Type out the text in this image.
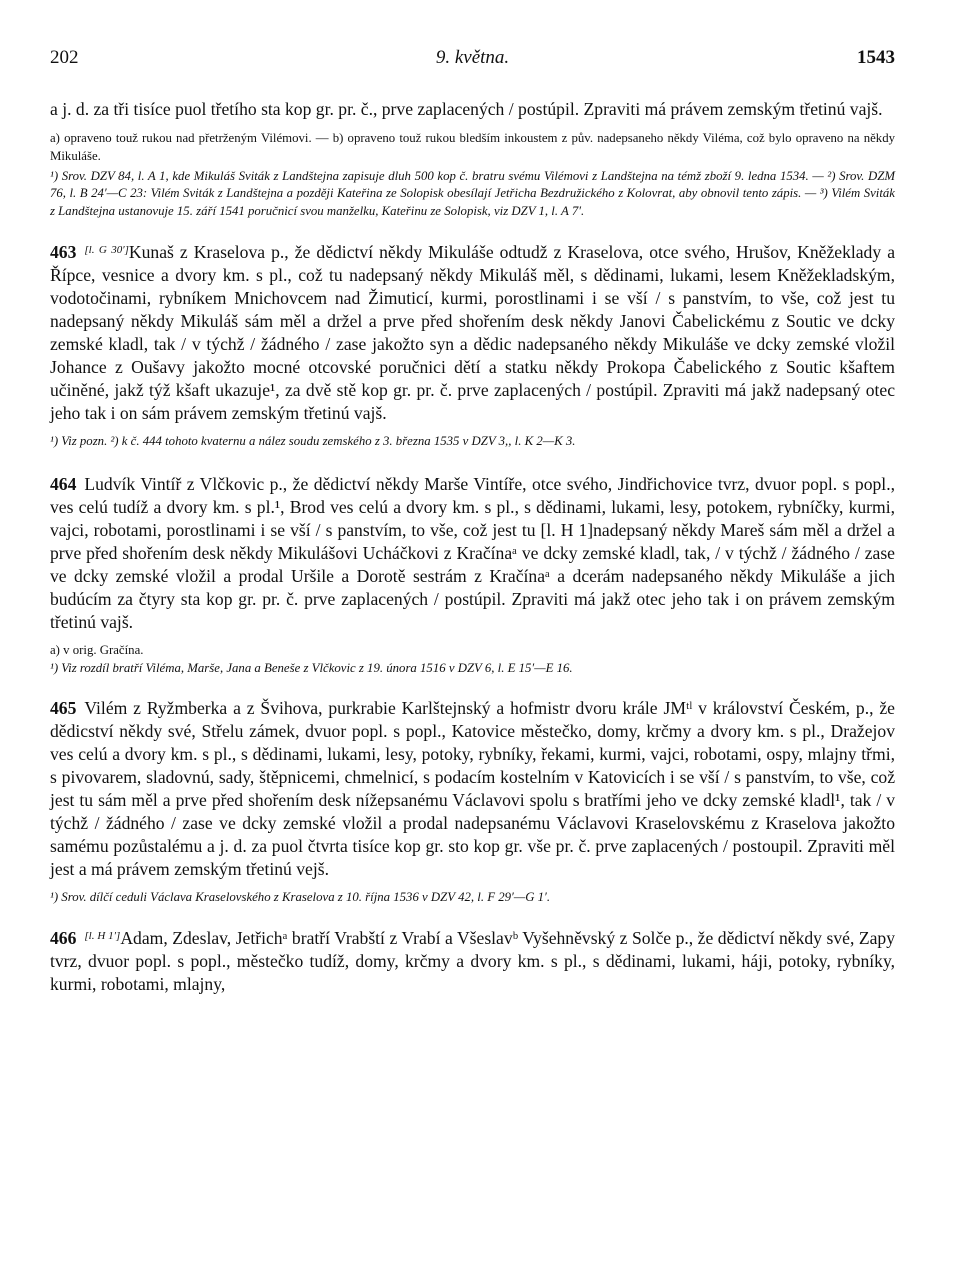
9. května.
202	1543

a j. d. za tři tisíce puol třetího sta kop gr. pr. č., prve zaplacených / postúpil. Zpraviti má právem zemským třetinú vajš.

a) opraveno touž rukou nad přetrženým Vilémovi. — b) opraveno touž rukou bledším inkoustem z pův. nadepsaneho někdy Viléma, což bylo opraveno na někdy Mikuláše.

¹) Srov. DZV 84, l. A 1, kde Mikuláš Sviták z Landštejna zapisuje dluh 500 kop č. bratru svému Vilémovi z Landštejna na témž zboží 9. ledna 1534. — ²) Srov. DZM 76, l. B 24′—C 23: Vilém Sviták z Landštejna a později Kateřina ze Solopisk obesílají Jetřicha Bezdružického z Kolovrat, aby obnovil tento zápis. — ³) Vilém Sviták z Landštejna ustanovuje 15. září 1541 poručnicí svou manželku, Kateřinu ze Solopisk, viz DZV 1, l. A 7′.

463 [l. G 30′]Kunaš z Kraselova p., že dědictví někdy Mikuláše odtudž z Kraselova, otce svého, Hrušov, Kněžeklady a Řípce, vesnice a dvory km. s pl., což tu nadepsaný někdy Mikuláš měl, s dědinami, lukami, lesem Kněžekladským, vodotočinami, rybníkem Mnichovcem nad Žimuticí, kurmi, porostlinami i se vší / s panstvím, to vše, což jest tu nadepsaný někdy Mikuláš sám měl a držel a prve před shořením desk někdy Janovi Čabelickému z Soutic ve dcky zemské kladl, tak / v týchž / žádného / zase jakožto syn a dědic nadepsaného někdy Mikuláše ve dcky zemské vložil Johance z Oušavy jakožto mocné otcovské poručnici dětí a statku někdy Prokopa Čabelického z Soutic kšaftem učiněné, jakž týž kšaft ukazuje¹, za dvě stě kop gr. pr. č. prve zaplacených / postúpil. Zpraviti má jakž nadepsaný otec jeho tak i on sám právem zemským třetinú vajš.

¹) Viz pozn. ²) k č. 444 tohoto kvaternu a nález soudu zemského z 3. března 1535 v DZV 3,, l. K 2—K 3.

464 Ludvík Vintíř z Vlčkovic p., že dědictví někdy Marše Vintíře, otce svého, Jindřichovice tvrz, dvuor popl. s popl., ves celú tudíž a dvory km. s pl.¹, Brod ves celú a dvory km. s pl., s dědinami, lukami, lesy, potokem, rybníčky, kurmi, vajci, robotami, porostlinami i se vší / s panstvím, to vše, což jest tu [l. H 1]nadepsaný někdy Mareš sám měl a držel a prve před shořením desk někdy Mikulášovi Ucháčkovi z Kračínaᵃ ve dcky zemské kladl, tak, / v týchž / žádného / zase ve dcky zemské vložil a prodal Uršile a Dorotě sestrám z Kračínaᵃ a dcerám nadepsaného někdy Mikuláše a jich budúcím za čtyry sta kop gr. pr. č. prve zaplacených / postúpil. Zpraviti má jakž otec jeho tak i on právem zemským třetinú vajš.

a) v orig. Gračína.

¹) Viz rozdíl bratří Viléma, Marše, Jana a Beneše z Vlčkovic z 19. února 1516 v DZV 6, l. E 15′—E 16.

465 Vilém z Ryžmberka a z Švihova, purkrabie Karlštejnský a hofmistr dvoru krále JMᵗˡ v království Českém, p., že dědicství někdy své, Střelu zámek, dvuor popl. s popl., Katovice městečko, domy, krčmy a dvory km. s pl., Dražejov ves celú a dvory km. s pl., s dědinami, lukami, lesy, potoky, rybníky, řekami, kurmi, vajci, robotami, ospy, mlajny třmi, s pivovarem, sladovnú, sady, štěpnicemi, chmelnicí, s podacím kostelním v Katovicích i se vší / s panstvím, to vše, což jest tu sám měl a prve před shořením desk nížepsanému Václavovi spolu s bratřími jeho ve dcky zemské kladl¹, tak / v týchž / žádného / zase ve dcky zemské vložil a prodal nadepsanému Václavovi Kraselovskému z Kraselova jakožto samému pozůstalému a j. d. za puol čtvrta tisíce kop gr. sto kop gr. vše pr. č. prve zaplacených / postoupil. Zpraviti měl jest a má právem zemským třetinú vejš.

¹) Srov. dílčí ceduli Václava Kraselovského z Kraselova z 10. října 1536 v DZV 42, l. F 29′—G 1′.

466 [l. H 1′]Adam, Zdeslav, Jetřichᵃ bratří Vrabští z Vrabí a Všeslavᵇ Vyšehněvský z Solče p., že dědictví někdy své, Zapy tvrz, dvuor popl. s popl., městečko tudíž, domy, krčmy a dvory km. s pl., s dědinami, lukami, háji, potoky, rybníky, kurmi, robotami, mlajny,
